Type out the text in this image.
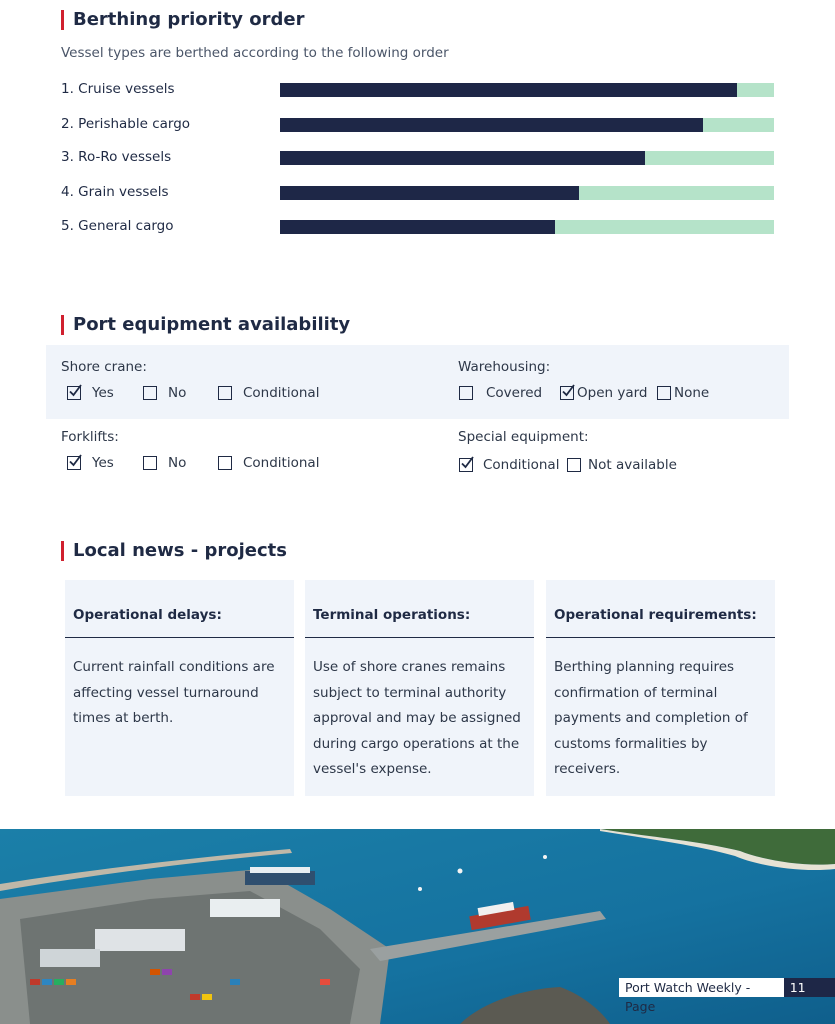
Berthing priority order
Vessel types are berthed according to the following order
1. Cruise vessels
2. Perishable cargo
3. Ro-Ro vessels
4. Grain vessels
5. General cargo
Port equipment availability
Shore crane:
Yes	No	Conditional
Warehousing:
Covered	Open yard None
Forklifts:
Yes	No	Conditional
Special equipment:
Conditional Not available
Local news - projects
Operational delays:
Current rainfall conditions are affecting vessel turnaround times at berth.
Terminal operations:
Use of shore cranes remains subject to terminal authority approval and may be assigned during cargo operations at the vessel's expense.
Operational requirements:
Berthing planning requires confirmation of terminal payments and completion of customs formalities by receivers.
Port Watch Weekly - Page
11
